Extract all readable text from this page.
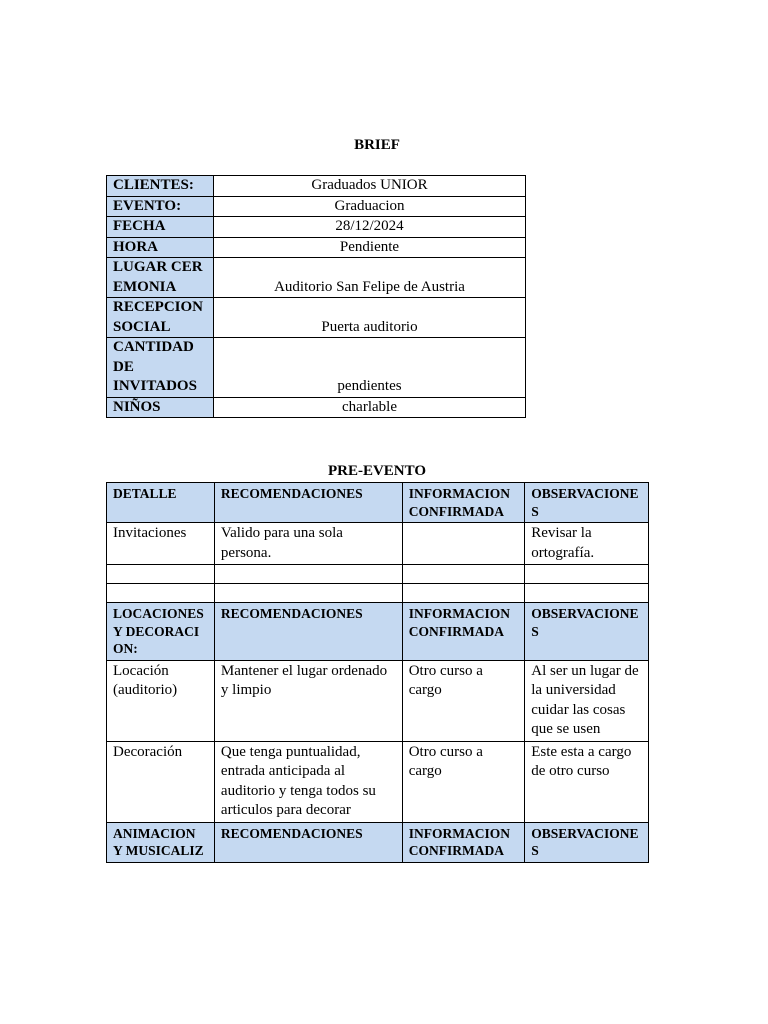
BRIEF
CLIENTES:	Graduados UNIOR
EVENTO:	Graduacion
FECHA	28/12/2024
HORA	Pendiente
LUGAR CEREMONIA	Auditorio San Felipe de Austria
RECEPCION SOCIAL	Puerta auditorio
CANTIDAD DE INVITADOS	pendientes
NIÑOS	charlable
PRE-EVENTO
DETALLE	RECOMENDACIONES	INFORMACION CONFIRMADA	OBSERVACIONES
Invitaciones	Valido para una sola persona.		Revisar la ortografía.

LOCACIONES Y DECORACION:	RECOMENDACIONES	INFORMACION CONFIRMADA	OBSERVACIONES
Locación (auditorio)	Mantener el lugar ordenado y limpio	Otro curso a cargo	Al ser un lugar de la universidad cuidar las cosas que se usen
Decoración	Que tenga puntualidad, entrada anticipada al auditorio y tenga todos su articulos para decorar	Otro curso a cargo	Este esta a cargo de otro curso
ANIMACION Y MUSICALIZ	RECOMENDACIONES	INFORMACION CONFIRMADA	OBSERVACIONES
